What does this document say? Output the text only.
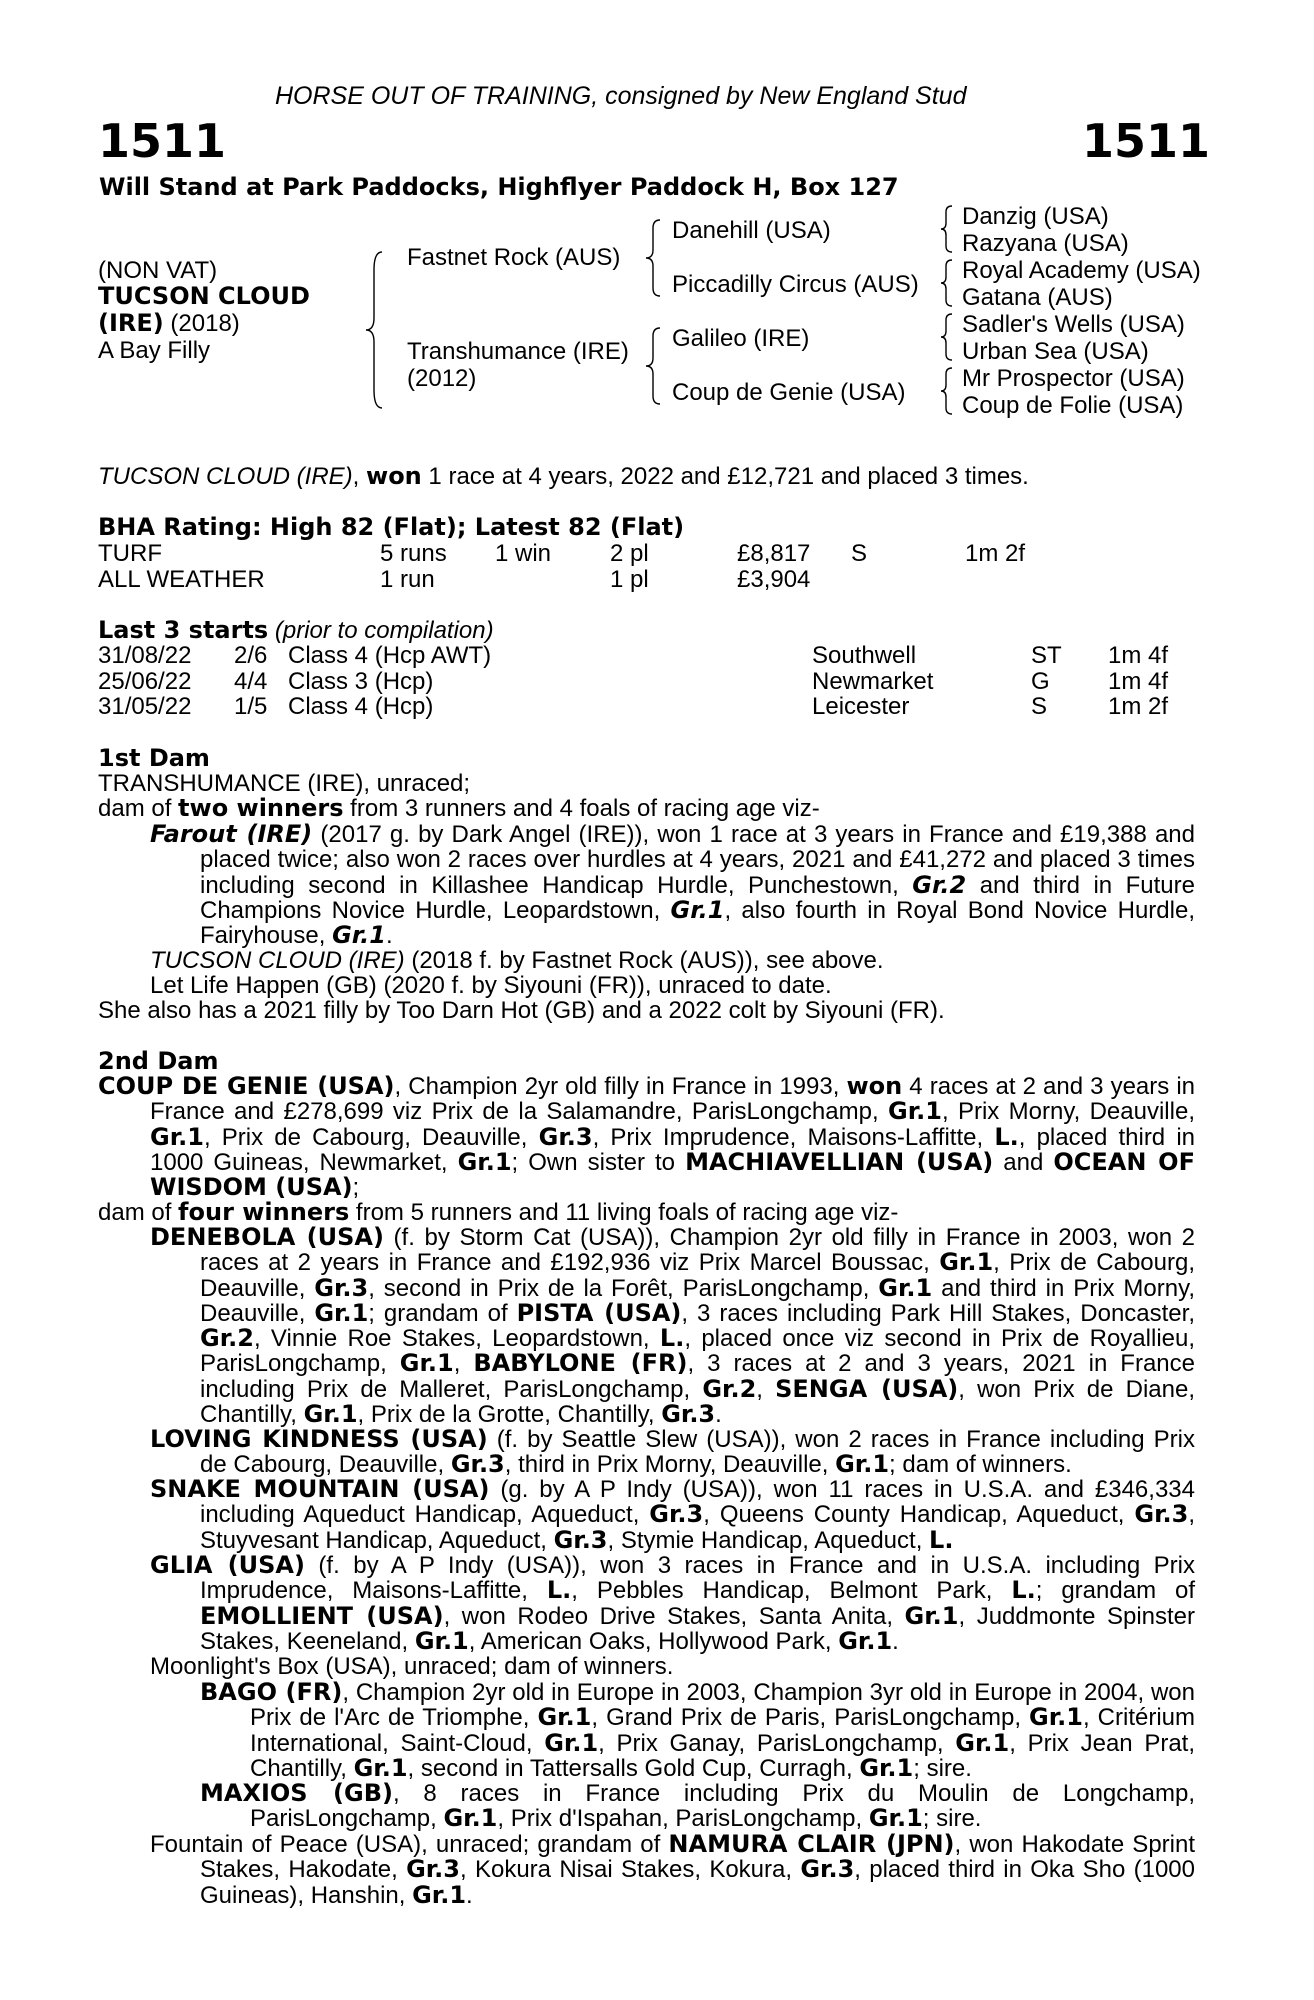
HORSE OUT OF TRAINING, consigned by New England Stud
1511	1511
Will Stand at Park Paddocks, Highflyer Paddock H, Box 127
(NON VAT)
TUCSON CLOUD
(IRE) (2018)
A Bay Filly
Fastnet Rock (AUS)
Transhumance (IRE)
(2012)
Danehill (USA)
Piccadilly Circus (AUS)
Galileo (IRE)
Coup de Genie (USA)
Danzig (USA)
Razyana (USA)
Royal Academy (USA)
Gatana (AUS)
Sadler's Wells (USA)
Urban Sea (USA)
Mr Prospector (USA)
Coup de Folie (USA)
TUCSON CLOUD (IRE), won 1 race at 4 years, 2022 and £12,721 and placed 3 times.
BHA Rating: High 82 (Flat); Latest 82 (Flat)
TURF	5 runs 1 win 2 pl	£8,817 S	1m 2f
ALL WEATHER	1 run	1 pl	£3,904
Last 3 starts (prior to compilation)
31/08/22 2/6 Class 4 (Hcp AWT)	Southwell	ST 1m 4f
25/06/22 4/4 Class 3 (Hcp)	Newmarket	G 1m 4f
31/05/22 1/5 Class 4 (Hcp)	Leicester	S	1m 2f
1st Dam
TRANSHUMANCE (IRE), unraced;
dam of two winners from 3 runners and 4 foals of racing age viz-
Farout (IRE) (2017 g. by Dark Angel (IRE)), won 1 race at 3 years in France and £19,388 and placed twice; also won 2 races over hurdles at 4 years, 2021 and £41,272 and placed 3 times including second in Killashee Handicap Hurdle, Punchestown, Gr.2 and third in Future Champions Novice Hurdle, Leopardstown, Gr.1, also fourth in Royal Bond Novice Hurdle, Fairyhouse, Gr.1.
TUCSON CLOUD (IRE) (2018 f. by Fastnet Rock (AUS)), see above.
Let Life Happen (GB) (2020 f. by Siyouni (FR)), unraced to date.
She also has a 2021 filly by Too Darn Hot (GB) and a 2022 colt by Siyouni (FR).
2nd Dam
COUP DE GENIE (USA), Champion 2yr old filly in France in 1993, won 4 races at 2 and 3 years in France and £278,699 viz Prix de la Salamandre, ParisLongchamp, Gr.1, Prix Morny, Deauville, Gr.1, Prix de Cabourg, Deauville, Gr.3, Prix Imprudence, Maisons-Laffitte, L., placed third in 1000 Guineas, Newmarket, Gr.1; Own sister to MACHIAVELLIAN (USA) and OCEAN OF WISDOM (USA);
dam of four winners from 5 runners and 11 living foals of racing age viz-
DENEBOLA (USA) (f. by Storm Cat (USA)), Champion 2yr old filly in France in 2003, won 2 races at 2 years in France and £192,936 viz Prix Marcel Boussac, Gr.1, Prix de Cabourg, Deauville, Gr.3, second in Prix de la Forêt, ParisLongchamp, Gr.1 and third in Prix Morny, Deauville, Gr.1; grandam of PISTA (USA), 3 races including Park Hill Stakes, Doncaster, Gr.2, Vinnie Roe Stakes, Leopardstown, L., placed once viz second in Prix de Royallieu, ParisLongchamp, Gr.1, BABYLONE (FR), 3 races at 2 and 3 years, 2021 in France including Prix de Malleret, ParisLongchamp, Gr.2, SENGA (USA), won Prix de Diane, Chantilly, Gr.1, Prix de la Grotte, Chantilly, Gr.3.
LOVING KINDNESS (USA) (f. by Seattle Slew (USA)), won 2 races in France including Prix de Cabourg, Deauville, Gr.3, third in Prix Morny, Deauville, Gr.1; dam of winners.
SNAKE MOUNTAIN (USA) (g. by A P Indy (USA)), won 11 races in U.S.A. and £346,334 including Aqueduct Handicap, Aqueduct, Gr.3, Queens County Handicap, Aqueduct, Gr.3, Stuyvesant Handicap, Aqueduct, Gr.3, Stymie Handicap, Aqueduct, L.
GLIA (USA) (f. by A P Indy (USA)), won 3 races in France and in U.S.A. including Prix Imprudence, Maisons-Laffitte, L., Pebbles Handicap, Belmont Park, L.; grandam of EMOLLIENT (USA), won Rodeo Drive Stakes, Santa Anita, Gr.1, Juddmonte Spinster Stakes, Keeneland, Gr.1, American Oaks, Hollywood Park, Gr.1.
Moonlight's Box (USA), unraced; dam of winners.
BAGO (FR), Champion 2yr old in Europe in 2003, Champion 3yr old in Europe in 2004, won Prix de l'Arc de Triomphe, Gr.1, Grand Prix de Paris, ParisLongchamp, Gr.1, Critérium International, Saint-Cloud, Gr.1, Prix Ganay, ParisLongchamp, Gr.1, Prix Jean Prat, Chantilly, Gr.1, second in Tattersalls Gold Cup, Curragh, Gr.1; sire.
MAXIOS (GB), 8 races in France including Prix du Moulin de Longchamp, ParisLongchamp, Gr.1, Prix d'Ispahan, ParisLongchamp, Gr.1; sire.
Fountain of Peace (USA), unraced; grandam of NAMURA CLAIR (JPN), won Hakodate Sprint Stakes, Hakodate, Gr.3, Kokura Nisai Stakes, Kokura, Gr.3, placed third in Oka Sho (1000 Guineas), Hanshin, Gr.1.
